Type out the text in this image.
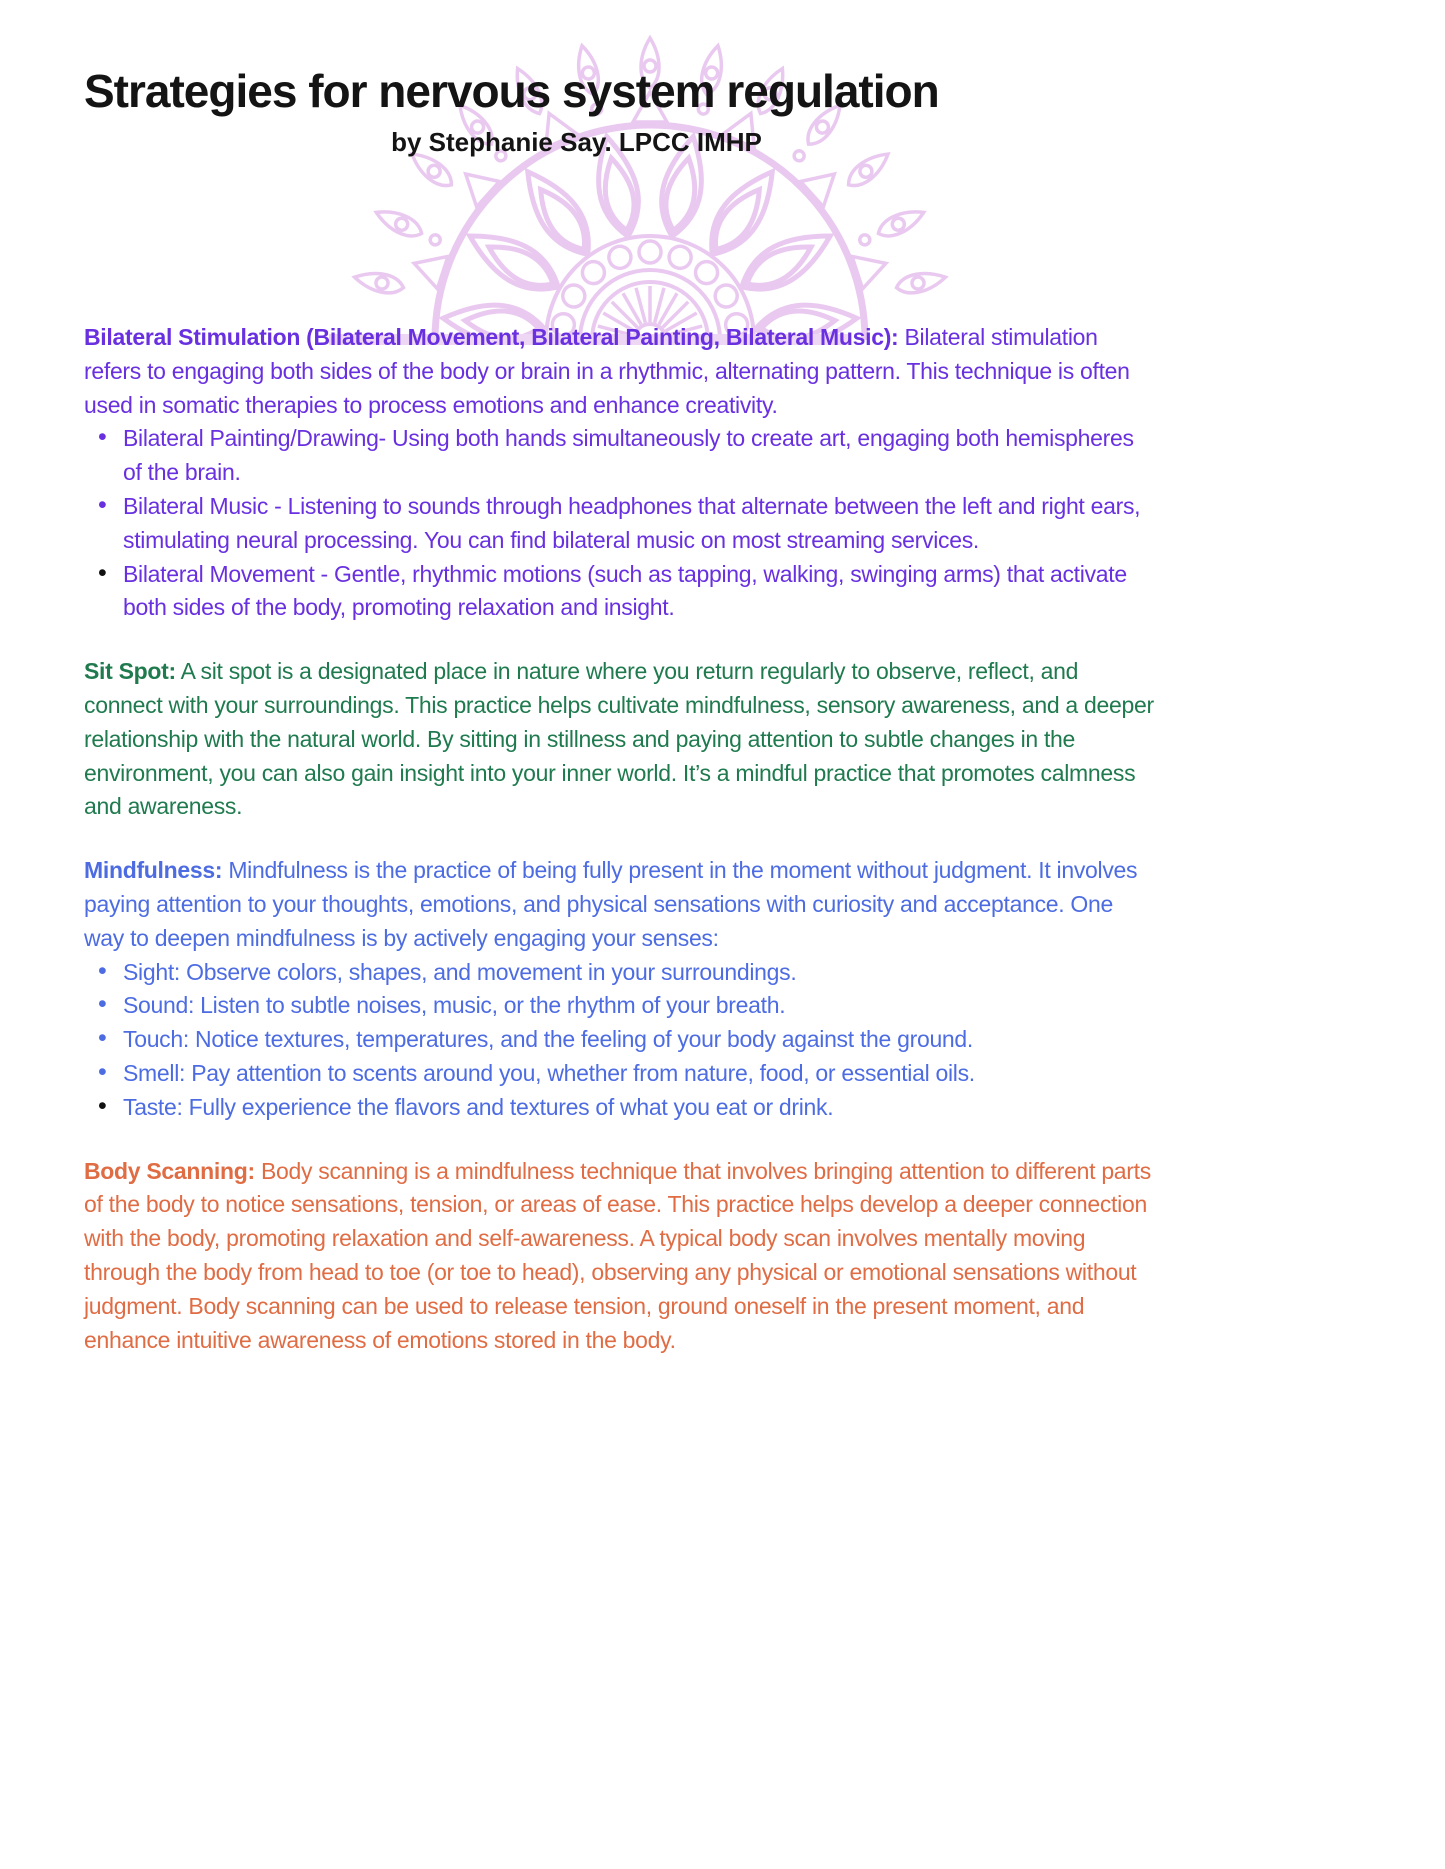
Strategies for nervous system regulation
by Stephanie Say. LPCC IMHP

Bilateral Stimulation (Bilateral Movement, Bilateral Painting, Bilateral Music): Bilateral stimulation refers to engaging both sides of the body or brain in a rhythmic, alternating pattern. This technique is often used in somatic therapies to process emotions and enhance creativity.

• Bilateral Painting/Drawing- Using both hands simultaneously to create art, engaging both hemispheres of the brain.
• Bilateral Music - Listening to sounds through headphones that alternate between the left and right ears, stimulating neural processing. You can find bilateral music on most streaming services.
• Bilateral Movement - Gentle, rhythmic motions (such as tapping, walking, swinging arms) that activate both sides of the body, promoting relaxation and insight.

Sit Spot: A sit spot is a designated place in nature where you return regularly to observe, reflect, and connect with your surroundings. This practice helps cultivate mindfulness, sensory awareness, and a deeper relationship with the natural world. By sitting in stillness and paying attention to subtle changes in the environment, you can also gain insight into your inner world. It’s a mindful practice that promotes calmness and awareness.

Mindfulness: Mindfulness is the practice of being fully present in the moment without judgment. It involves paying attention to your thoughts, emotions, and physical sensations with curiosity and acceptance. One way to deepen mindfulness is by actively engaging your senses:

• Sight: Observe colors, shapes, and movement in your surroundings.
• Sound: Listen to subtle noises, music, or the rhythm of your breath.
• Touch: Notice textures, temperatures, and the feeling of your body against the ground.
• Smell: Pay attention to scents around you, whether from nature, food, or essential oils.
• Taste: Fully experience the flavors and textures of what you eat or drink.

Body Scanning: Body scanning is a mindfulness technique that involves bringing attention to different parts of the body to notice sensations, tension, or areas of ease. This practice helps develop a deeper connection with the body, promoting relaxation and self-awareness. A typical body scan involves mentally moving through the body from head to toe (or toe to head), observing any physical or emotional sensations without judgment. Body scanning can be used to release tension, ground oneself in the present moment, and enhance intuitive awareness of emotions stored in the body.
